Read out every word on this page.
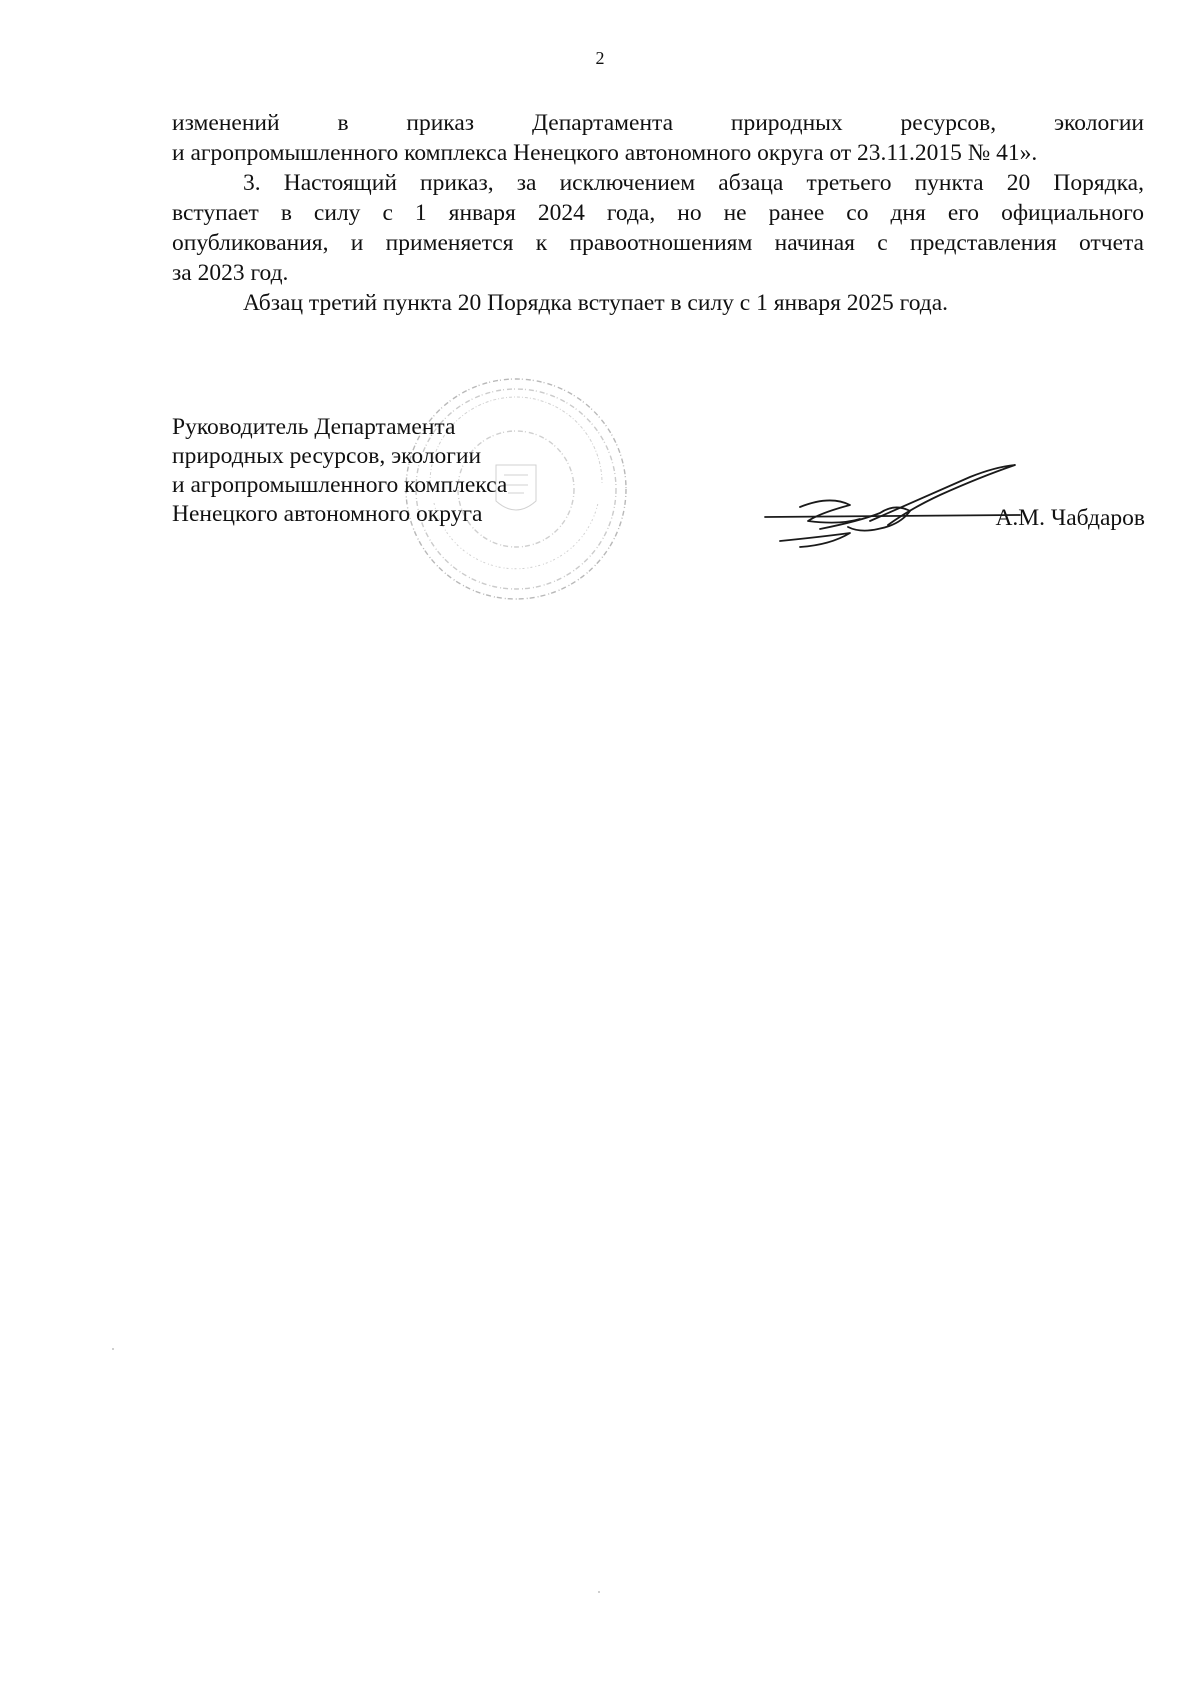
2
изменений в приказ Департамента природных ресурсов, экологии
и агропромышленного комплекса Ненецкого автономного округа от 23.11.2015 № 41».
3. Настоящий приказ, за исключением абзаца третьего пункта 20 Порядка,
вступает в силу с 1 января 2024 года, но не ранее со дня его официального
опубликования, и применяется к правоотношениям начиная с представления отчета
за 2023 год.
Абзац третий пункта 20 Порядка вступает в силу с 1 января 2025 года.
Руководитель Департамента
природных ресурсов, экологии
и агропромышленного комплекса
Ненецкого автономного округа	А.М. Чабдаров
